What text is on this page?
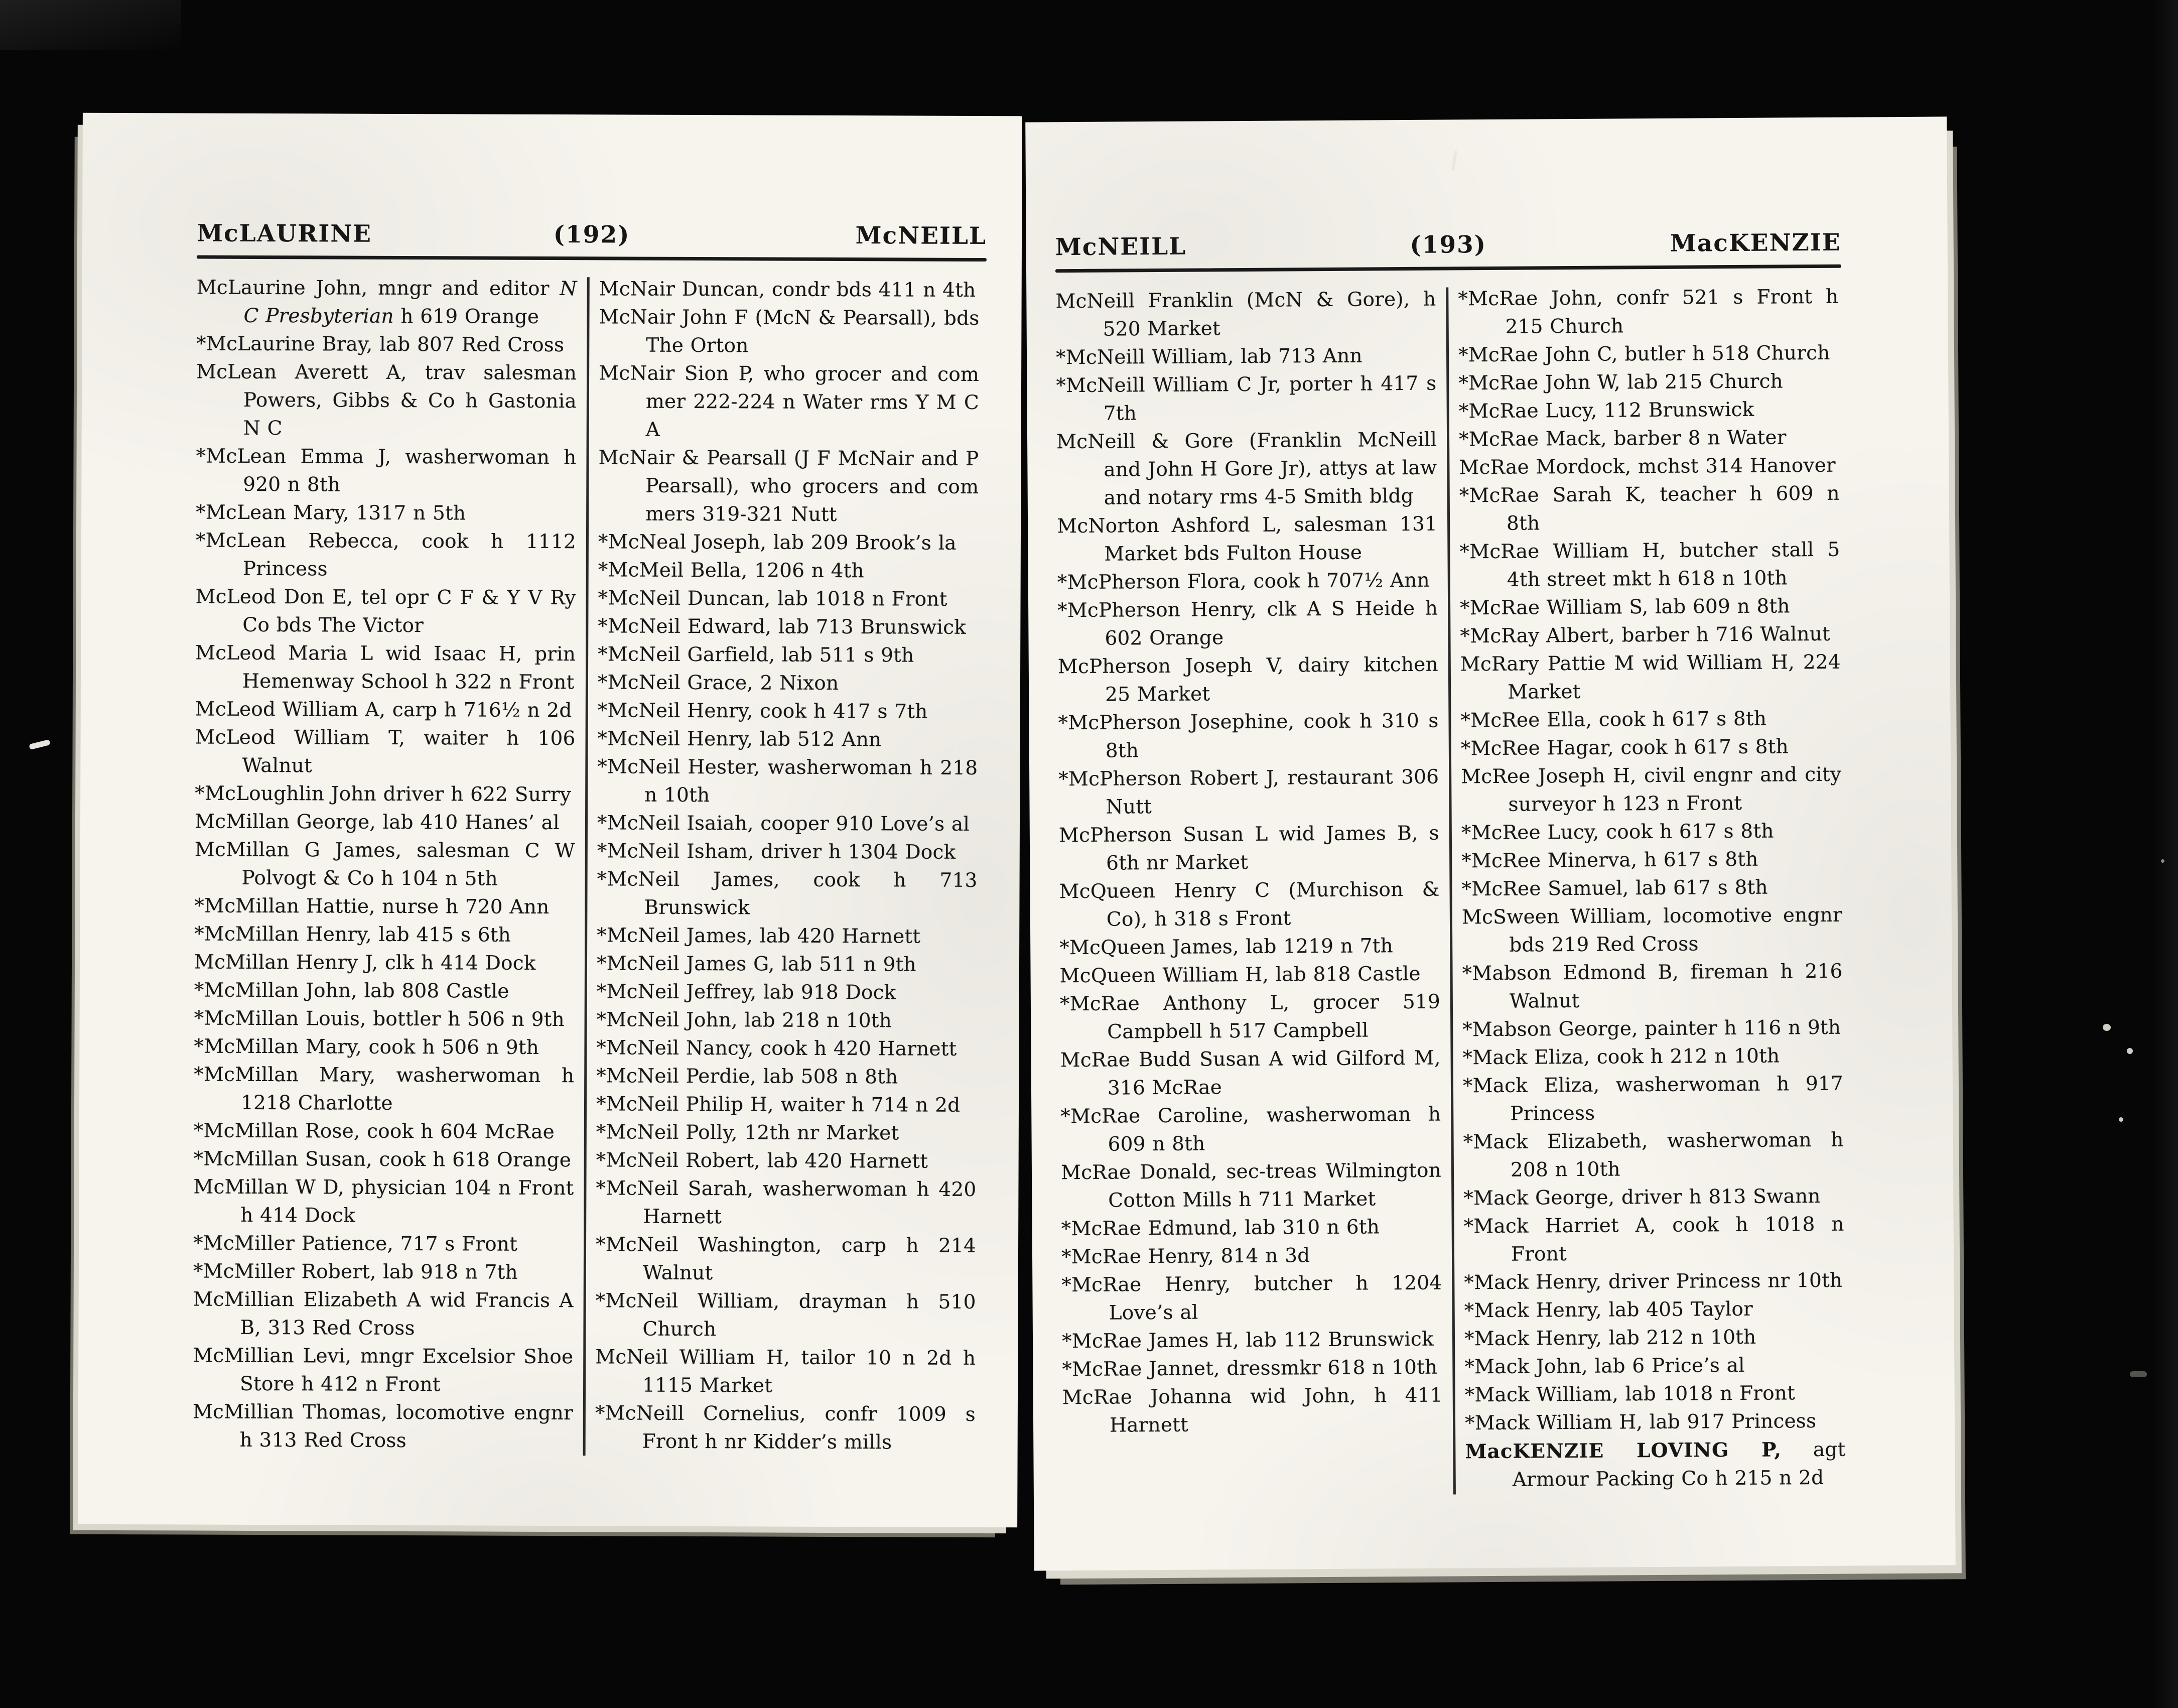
McLAURINE	(192)	McNEILL

McLaurine John, mngr and editor N C Presbyterian h 619 Orange

*McLaurine Bray, lab 807 Red Cross

McLean Averett A, trav salesman Powers, Gibbs & Co h Gastonia N C

*McLean Emma J, washerwoman h 920 n 8th

*McLean Mary, 1317 n 5th

*McLean Rebecca, cook h 1112 Princess

McLeod Don E, tel opr C F & Y V Ry Co bds The Victor

McLeod Maria L wid Isaac H, prin Hemenway School h 322 n Front

McLeod William A, carp h 716½ n 2d

McLeod William T, waiter h 106 Walnut

*McLoughlin John driver h 622 Surry

McMillan George, lab 410 Hanes’ al

McMillan G James, salesman C W Polvogt & Co h 104 n 5th

*McMillan Hattie, nurse h 720 Ann

*McMillan Henry, lab 415 s 6th

McMillan Henry J, clk h 414 Dock

*McMillan John, lab 808 Castle

*McMillan Louis, bottler h 506 n 9th

*McMillan Mary, cook h 506 n 9th

*McMillan Mary, washerwoman h 1218 Charlotte

*McMillan Rose, cook h 604 McRae

*McMillan Susan, cook h 618 Orange

McMillan W D, physician 104 n Front h 414 Dock

*McMiller Patience, 717 s Front

*McMiller Robert, lab 918 n 7th

McMillian Elizabeth A wid Francis A B, 313 Red Cross

McMillian Levi, mngr Excelsior Shoe Store h 412 n Front

McMillian Thomas, locomotive engnr h 313 Red Cross

McNair Duncan, condr bds 411 n 4th

McNair John F (McN & Pearsall), bds The Orton

McNair Sion P, who grocer and com mer 222-224 n Water rms Y M C A

McNair & Pearsall (J F McNair and P Pearsall), who grocers and com mers 319-321 Nutt

*McNeal Joseph, lab 209 Brook’s la

*McMeil Bella, 1206 n 4th

*McNeil Duncan, lab 1018 n Front

*McNeil Edward, lab 713 Brunswick

*McNeil Garfield, lab 511 s 9th

*McNeil Grace, 2 Nixon

*McNeil Henry, cook h 417 s 7th

*McNeil Henry, lab 512 Ann

*McNeil Hester, washerwoman h 218 n 10th

*McNeil Isaiah, cooper 910 Love’s al

*McNeil Isham, driver h 1304 Dock

*McNeil James, cook h 713 Brunswick

*McNeil James, lab 420 Harnett

*McNeil James G, lab 511 n 9th

*McNeil Jeffrey, lab 918 Dock

*McNeil John, lab 218 n 10th

*McNeil Nancy, cook h 420 Harnett

*McNeil Perdie, lab 508 n 8th

*McNeil Philip H, waiter h 714 n 2d

*McNeil Polly, 12th nr Market

*McNeil Robert, lab 420 Harnett

*McNeil Sarah, washerwoman h 420 Harnett

*McNeil Washington, carp h 214 Walnut

*McNeil William, drayman h 510 Church

McNeil William H, tailor 10 n 2d h 1115 Market

*McNeill Cornelius, confr 1009 s Front h nr Kidder’s mills

McNEILL	(193)	MacKENZIE

McNeill Franklin (McN & Gore), h 520 Market

*McNeill William, lab 713 Ann

*McNeill William C Jr, porter h 417 s 7th

McNeill & Gore (Franklin McNeill and John H Gore Jr), attys at law and notary rms 4-5 Smith bldg

McNorton Ashford L, salesman 131 Market bds Fulton House

*McPherson Flora, cook h 707½ Ann

*McPherson Henry, clk A S Heide h 602 Orange

McPherson Joseph V, dairy kitchen 25 Market

*McPherson Josephine, cook h 310 s 8th

*McPherson Robert J, restaurant 306 Nutt

McPherson Susan L wid James B, s 6th nr Market

McQueen Henry C (Murchison & Co), h 318 s Front

*McQueen James, lab 1219 n 7th

McQueen William H, lab 818 Castle

*McRae Anthony L, grocer 519 Campbell h 517 Campbell

McRae Budd Susan A wid Gilford M, 316 McRae

*McRae Caroline, washerwoman h 609 n 8th

McRae Donald, sec-treas Wilmington Cotton Mills h 711 Market

*McRae Edmund, lab 310 n 6th

*McRae Henry, 814 n 3d

*McRae Henry, butcher h 1204 Love’s al

*McRae James H, lab 112 Brunswick

*McRae Jannet, dressmkr 618 n 10th

McRae Johanna wid John, h 411 Harnett

*McRae John, confr 521 s Front h 215 Church

*McRae John C, butler h 518 Church

*McRae John W, lab 215 Church

*McRae Lucy, 112 Brunswick

*McRae Mack, barber 8 n Water

McRae Mordock, mchst 314 Hanover

*McRae Sarah K, teacher h 609 n 8th

*McRae William H, butcher stall 5 4th street mkt h 618 n 10th

*McRae William S, lab 609 n 8th

*McRay Albert, barber h 716 Walnut

McRary Pattie M wid William H, 224 Market

*McRee Ella, cook h 617 s 8th

*McRee Hagar, cook h 617 s 8th

McRee Joseph H, civil engnr and city surveyor h 123 n Front

*McRee Lucy, cook h 617 s 8th

*McRee Minerva, h 617 s 8th

*McRee Samuel, lab 617 s 8th

McSween William, locomotive engnr bds 219 Red Cross

*Mabson Edmond B, fireman h 216 Walnut

*Mabson George, painter h 116 n 9th

*Mack Eliza, cook h 212 n 10th

*Mack Eliza, washerwoman h 917 Princess

*Mack Elizabeth, washerwoman h 208 n 10th

*Mack George, driver h 813 Swann

*Mack Harriet A, cook h 1018 n Front

*Mack Henry, driver Princess nr 10th

*Mack Henry, lab 405 Taylor

*Mack Henry, lab 212 n 10th

*Mack John, lab 6 Price’s al

*Mack William, lab 1018 n Front

*Mack William H, lab 917 Princess

MacKENZIE LOVING P, agt Armour Packing Co h 215 n 2d
